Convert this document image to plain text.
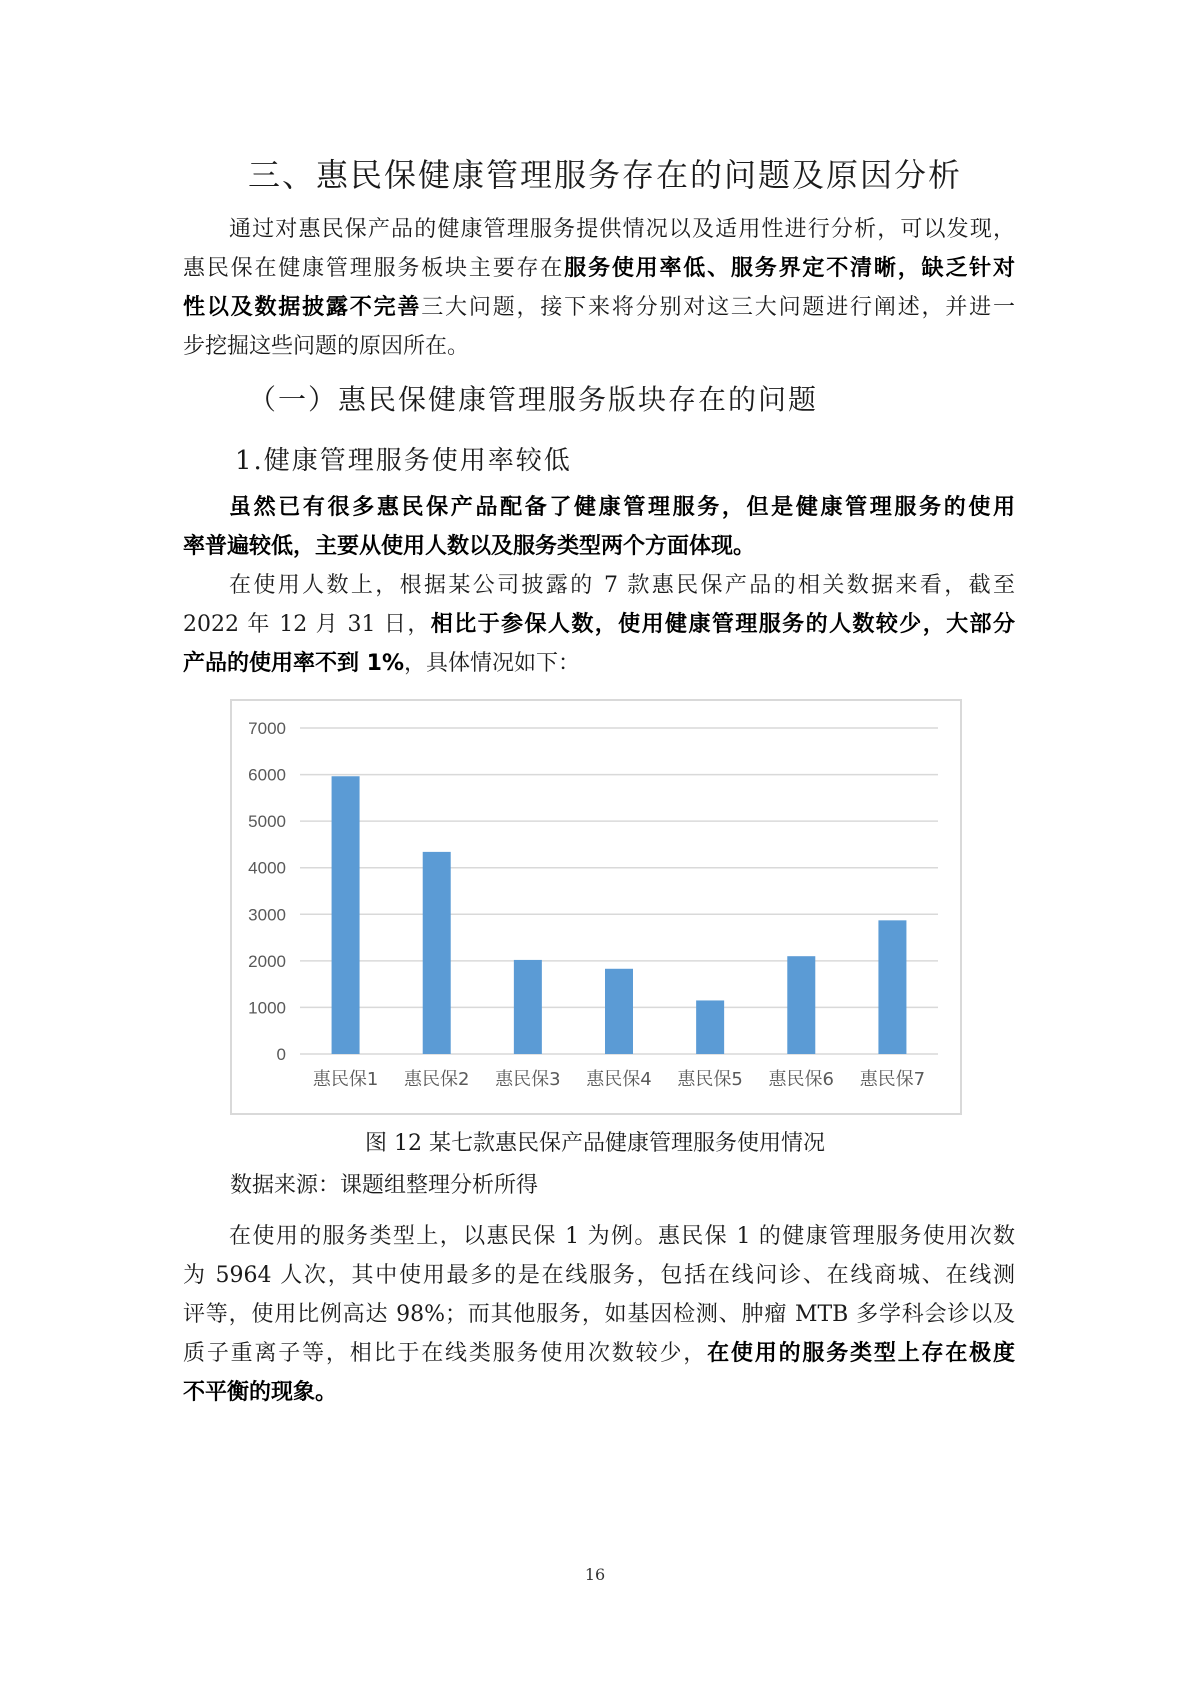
三、惠民保健康管理服务存在的问题及原因分析
通过对惠民保产品的健康管理服务提供情况以及适用性进行分析，可以发现，
惠民保在健康管理服务板块主要存在服务使用率低、服务界定不清晰，缺乏针对
性以及数据披露不完善三大问题，接下来将分别对这三大问题进行阐述，并进一
步挖掘这些问题的原因所在。
（一）惠民保健康管理服务版块存在的问题
1.健康管理服务使用率较低
虽然已有很多惠民保产品配备了健康管理服务，但是健康管理服务的使用
率普遍较低，主要从使用人数以及服务类型两个方面体现。
在使用人数上，根据某公司披露的 7 款惠民保产品的相关数据来看，截至
2022 年 12 月 31 日，相比于参保人数，使用健康管理服务的人数较少，大部分
产品的使用率不到 1%，具体情况如下：
0
1000
2000
3000
4000
5000
6000
7000
惠民保1 惠民保2 惠民保3 惠民保4 惠民保5 惠民保6 惠民保7
图 12 某七款惠民保产品健康管理服务使用情况
数据来源：课题组整理分析所得
在使用的服务类型上，以惠民保 1 为例。惠民保 1 的健康管理服务使用次数
为 5964 人次，其中使用最多的是在线服务，包括在线问诊、在线商城、在线测
评等，使用比例高达 98%；而其他服务，如基因检测、肿瘤 MTB 多学科会诊以及
质子重离子等，相比于在线类服务使用次数较少，在使用的服务类型上存在极度
不平衡的现象。
16
